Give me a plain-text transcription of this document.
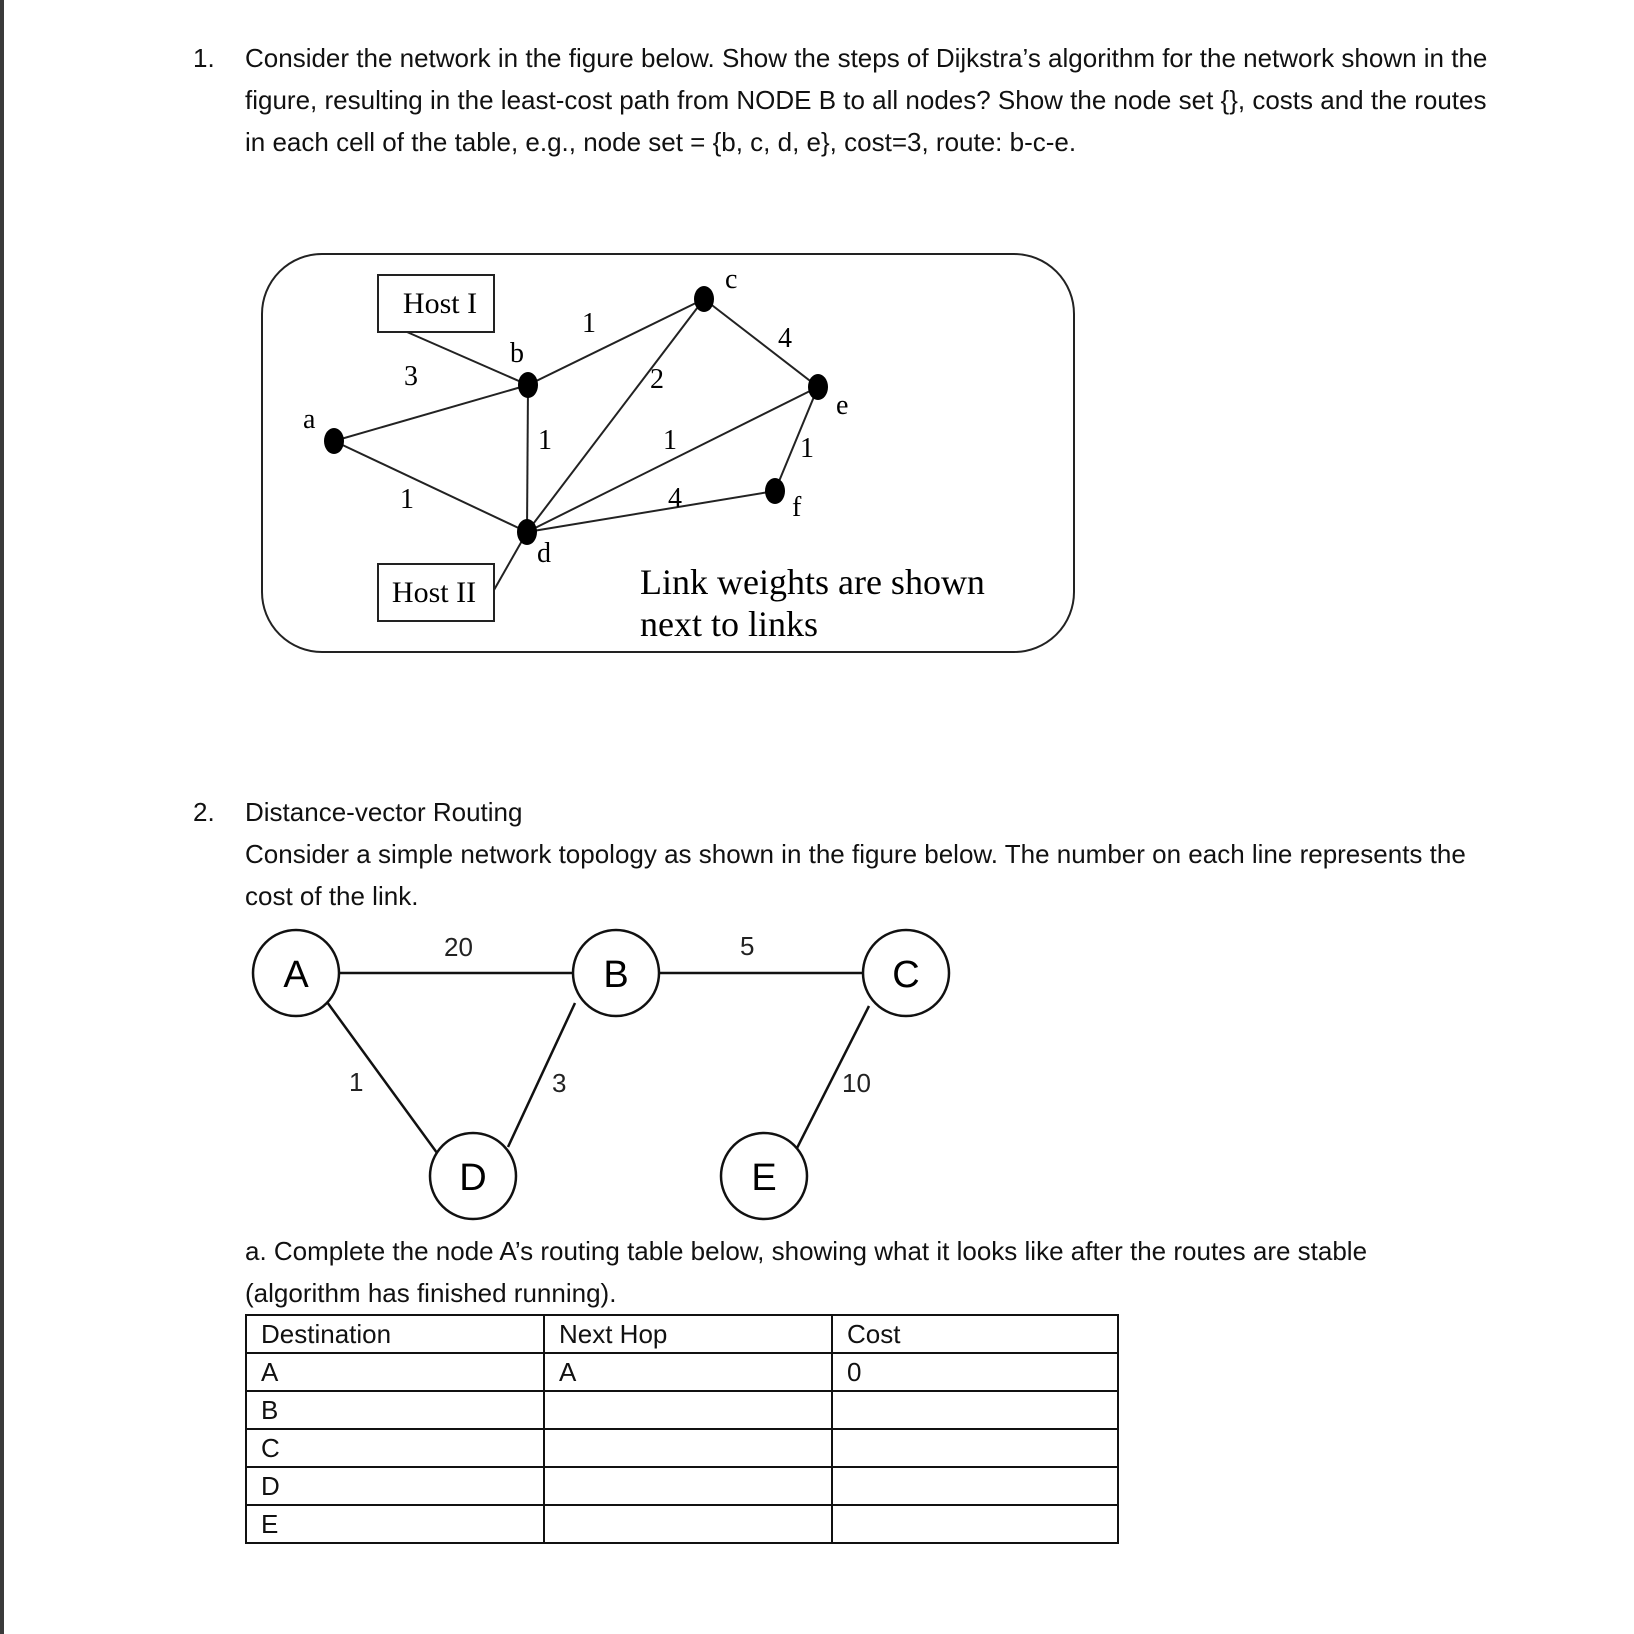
1. Consider the network in the figure below. Show the steps of Dijkstra’s algorithm for the network shown in the figure, resulting in the least-cost path from NODE B to all nodes? Show the node set {}, costs and the routes in each cell of the table, e.g., node set = {b, c, d, e}, cost=3, route: b-c-e.
Host I
Host II
a
b
c
d
e
f
3
1
1
1
2
4
1
4
1
Link weights are shown
next to links
2. Distance-vector Routing
Consider a simple network topology as shown in the figure below. The number on each line represents the cost of the link.
A	B	C
D	E
20	5
1	3	10
a. Complete the node A’s routing table below, showing what it looks like after the routes are stable (algorithm has finished running).
Destination	Next Hop	Cost
A	A	0
B		
C		
D		
E		
